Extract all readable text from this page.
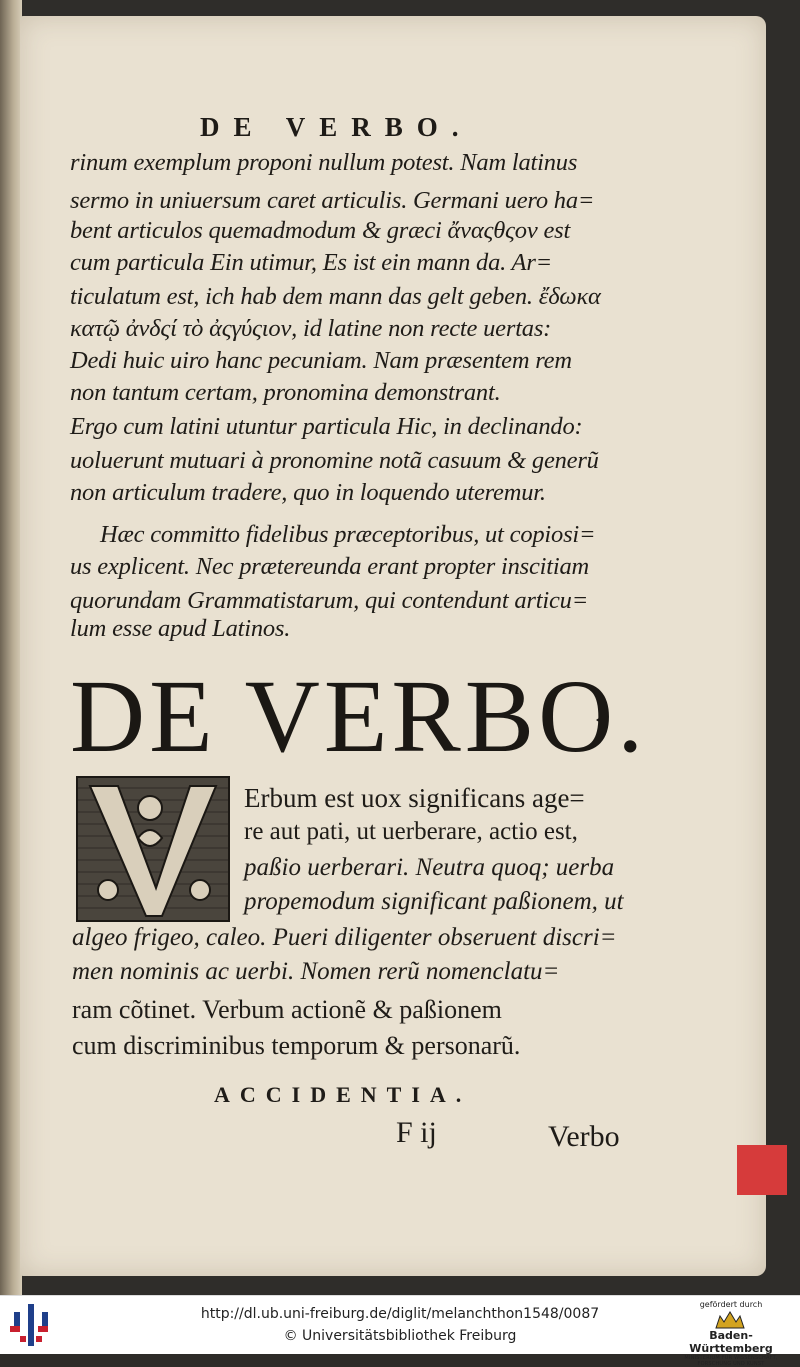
DE VERBO.
rinum exemplum proponi nullum potest. Nam latinus
sermo in uniuersum caret articulis. Germani uero ha=
bent articulos quemadmodum & græci ἄναςθςον est
cum particula Ein utimur, Es ist ein mann da. Ar=
ticulatum est, ich hab dem mann das gelt geben. ἔδωκα
κατῷ ἀνδςί τὸ ἀςγύςιον, id latine non recte uertas:
Dedi huic uiro hanc pecuniam. Nam præsentem rem
non tantum certam, pronomina demonstrant.
Ergo cum latini utuntur particula Hic, in declinando:
uoluerunt mutuari à pronomine notã casuum & generũ
non articulum tradere, quo in loquendo uteremur.
Hæc committo fidelibus præceptoribus, ut copiosi=
us explicent. Nec prætereunda erant propter inscitiam
quorundam Grammatistarum, qui contendunt articu=
lum esse apud Latinos.
DE VERBO.
Erbum est uox significans age=
re aut pati, ut uerberare, actio est,
paßio uerberari. Neutra quoq; uerba
propemodum significant paßionem, ut
algeo frigeo, caleo. Pueri diligenter obseruent discri=
men nominis ac uerbi. Nomen rerũ nomenclatu=
ram cõtinet. Verbum actionẽ & paßionem
cum discriminibus temporum & personarũ.
ACCIDENTIA.
F ij	Verbo
http://dl.ub.uni-freiburg.de/diglit/melanchthon1548/0087
© Universitätsbibliothek Freiburg
gefördert durch
Baden-Württemberg
MINISTERIUM FÜR WISSENSCHAFT, FORSCHUNG UND KUNST
